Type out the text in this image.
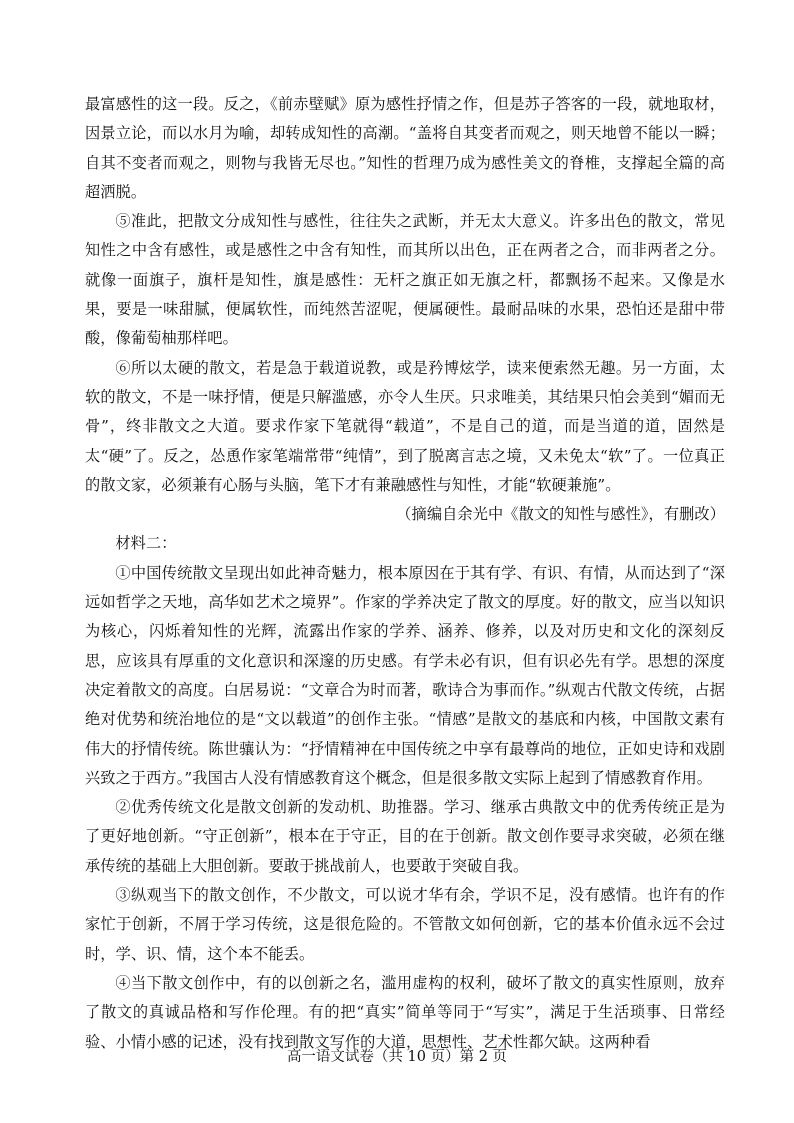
最富感性的这一段。反之，《前赤壁赋》原为感性抒情之作，但是苏子答客的一段，就地取材，因景立论，而以水月为喻，却转成知性的高潮。“盖将自其变者而观之，则天地曾不能以一瞬；自其不变者而观之，则物与我皆无尽也。”知性的哲理乃成为感性美文的脊椎，支撑起全篇的高超洒脱。

⑤准此，把散文分成知性与感性，往往失之武断，并无太大意义。许多出色的散文，常见知性之中含有感性，或是感性之中含有知性，而其所以出色，正在两者之合，而非两者之分。就像一面旗子，旗杆是知性，旗是感性：无杆之旗正如无旗之杆，都飘扬不起来。又像是水果，要是一味甜腻，便属软性，而纯然苦涩呢，便属硬性。最耐品味的水果，恐怕还是甜中带酸，像葡萄柚那样吧。

⑥所以太硬的散文，若是急于载道说教，或是矜博炫学，读来便索然无趣。另一方面，太软的散文，不是一味抒情，便是只解滥感，亦令人生厌。只求唯美，其结果只怕会美到“媚而无骨”，终非散文之大道。要求作家下笔就得“载道”，不是自己的道，而是当道的道，固然是太“硬”了。反之，怂恿作家笔端常带“纯情”，到了脱离言志之境，又未免太“软”了。一位真正的散文家，必须兼有心肠与头脑，笔下才有兼融感性与知性，才能“软硬兼施”。

（摘编自余光中《散文的知性与感性》，有删改）

材料二：

①中国传统散文呈现出如此神奇魅力，根本原因在于其有学、有识、有情，从而达到了“深远如哲学之天地，高华如艺术之境界”。作家的学养决定了散文的厚度。好的散文，应当以知识为核心，闪烁着知性的光辉，流露出作家的学养、涵养、修养，以及对历史和文化的深刻反思，应该具有厚重的文化意识和深邃的历史感。有学未必有识，但有识必先有学。思想的深度决定着散文的高度。白居易说：“文章合为时而著，歌诗合为事而作。”纵观古代散文传统，占据绝对优势和统治地位的是“文以载道”的创作主张。“情感”是散文的基底和内核，中国散文素有伟大的抒情传统。陈世骧认为：“抒情精神在中国传统之中享有最尊尚的地位，正如史诗和戏剧兴致之于西方。”我国古人没有情感教育这个概念，但是很多散文实际上起到了情感教育作用。

②优秀传统文化是散文创新的发动机、助推器。学习、继承古典散文中的优秀传统正是为了更好地创新。“守正创新”，根本在于守正，目的在于创新。散文创作要寻求突破，必须在继承传统的基础上大胆创新。要敢于挑战前人，也要敢于突破自我。

③纵观当下的散文创作，不少散文，可以说才华有余，学识不足，没有感情。也许有的作家忙于创新，不屑于学习传统，这是很危险的。不管散文如何创新，它的基本价值永远不会过时，学、识、情，这个本不能丢。

④当下散文创作中，有的以创新之名，滥用虚构的权利，破坏了散文的真实性原则，放弃了散文的真诚品格和写作伦理。有的把“真实”简单等同于“写实”，满足于生活琐事、日常经验、小情小感的记述，没有找到散文写作的大道，思想性、艺术性都欠缺。这两种看

高一语文试卷（共 10 页）第 2 页
